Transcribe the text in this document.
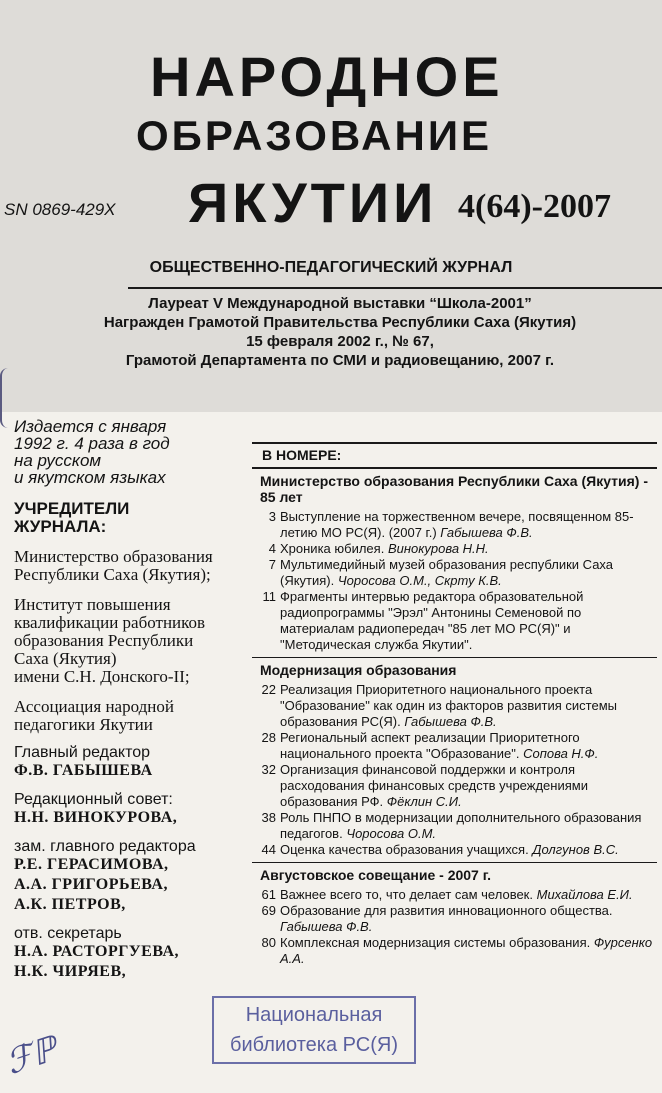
НАРОДНОЕ
ОБРАЗОВАНИЕ
ЯКУТИИ
SN 0869-429X	4(64)-2007
ОБЩЕСТВЕННО-ПЕДАГОГИЧЕСКИЙ ЖУРНАЛ
Лауреат V Международной выставки “Школа-2001”
Награжден Грамотой Правительства Республики Саха (Якутия)
15 февраля 2002 г., № 67,
Грамотой Департамента по СМИ и радиовещанию, 2007 г.
Издается с января
1992 г. 4 раза в год
на русском
и якутском языках
УЧРЕДИТЕЛИ
ЖУРНАЛА:
Министерство образования
Республики Саха (Якутия);
Институт повышения
квалификации работников
образования Республики
Саха (Якутия)
имени С.Н. Донского-II;
Ассоциация народной
педагогики Якутии
Главный редактор
Ф.В. ГАБЫШЕВА
Редакционный совет:
Н.Н. ВИНОКУРОВА,
зам. главного редактора
Р.Е. ГЕРАСИМОВА,
А.А. ГРИГОРЬЕВА,
А.К. ПЕТРОВ,
отв. секретарь
Н.А. РАСТОРГУЕВА,
Н.К. ЧИРЯЕВ,
В НОМЕРЕ:
Министерство образования Республики Саха (Якутия) - 85 лет
3 Выступление на торжественном вечере, посвященном 85-летию МО РС(Я). (2007 г.) Габышева Ф.В.
4 Хроника юбилея. Винокурова Н.Н.
7 Мультимедийный музей образования республики Саха (Якутия). Чоросова О.М., Скрту К.В.
11 Фрагменты интервью редактора образовательной радиопрограммы "Эрэл" Антонины Семеновой по материалам радиопередач "85 лет МО РС(Я)" и "Методическая служба Якутии".
Модернизация образования
22 Реализация Приоритетного национального проекта "Образование" как один из факторов развития системы образования РС(Я). Габышева Ф.В.
28 Региональный аспект реализации Приоритетного национального проекта "Образование". Сопова Н.Ф.
32 Организация финансовой поддержки и контроля расходования финансовых средств учреждениями образования РФ. Фёклин С.И.
38 Роль ПНПО в модернизации дополнительного образования педагогов. Чоросова О.М.
44 Оценка качества образования учащихся. Долгунов В.С.
Августовское совещание - 2007 г.
61 Важнее всего то, что делает сам человек. Михайлова Е.И.
69 Образование для развития инновационного общества. Габышева Ф.В.
80 Комплексная модернизация системы образования. Фурсенко А.А.
Национальная
библиотека РС(Я)
ℱℙ
